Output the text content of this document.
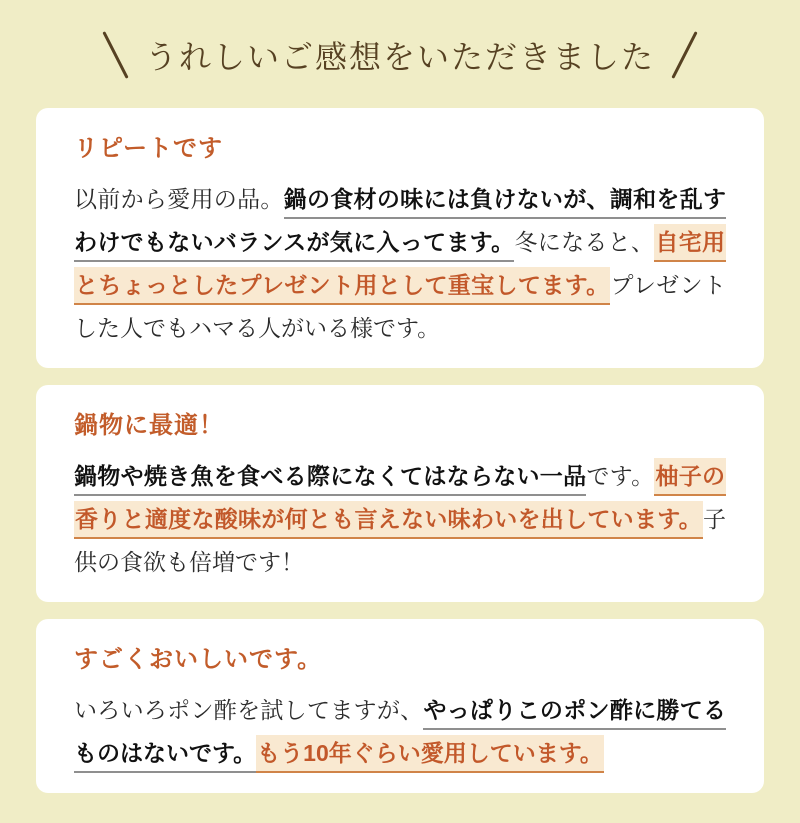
うれしいご感想をいただきました
リピートです

以前から愛用の品。鍋の食材の味には負けないが、調和を乱すわけでもないバランスが気に入ってます。冬になると、自宅用とちょっとしたプレゼント用として重宝してます。プレゼントした人でもハマる人がいる様です。

鍋物に最適！

鍋物や焼き魚を食べる際になくてはならない一品です。柚子の香りと適度な酸味が何とも言えない味わいを出しています。子供の食欲も倍増です！

すごくおいしいです。

いろいろポン酢を試してますが、やっぱりこのポン酢に勝てるものはないです。もう10年ぐらい愛用しています。
